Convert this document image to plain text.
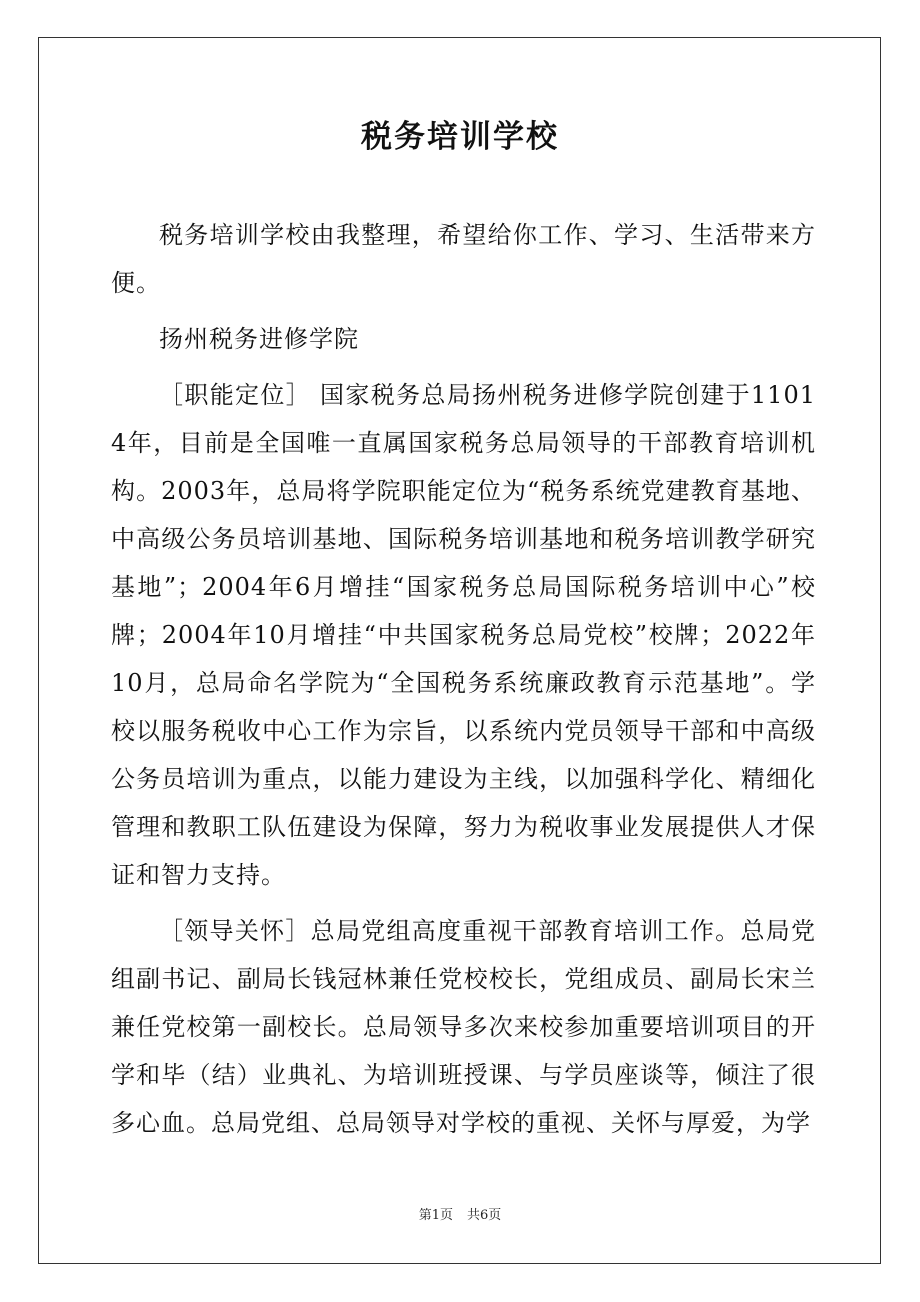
税务培训学校

税务培训学校由我整理，希望给你工作、学习、生活带来方便。

扬州税务进修学院

［职能定位］ 国家税务总局扬州税务进修学院创建于11014年，目前是全国唯一直属国家税务总局领导的干部教育培训机构。2003年，总局将学院职能定位为“税务系统党建教育基地、中高级公务员培训基地、国际税务培训基地和税务培训教学研究基地”；2004年6月增挂“国家税务总局国际税务培训中心”校牌；2004年10月增挂“中共国家税务总局党校”校牌；2022年10月，总局命名学院为“全国税务系统廉政教育示范基地”。学校以服务税收中心工作为宗旨，以系统内党员领导干部和中高级公务员培训为重点，以能力建设为主线，以加强科学化、精细化管理和教职工队伍建设为保障，努力为税收事业发展提供人才保证和智力支持。

［领导关怀］总局党组高度重视干部教育培训工作。总局党组副书记、副局长钱冠林兼任党校校长，党组成员、副局长宋兰兼任党校第一副校长。总局领导多次来校参加重要培训项目的开学和毕（结）业典礼、为培训班授课、与学员座谈等，倾注了很多心血。总局党组、总局领导对学校的重视、关怀与厚爱，为学

第1页 共6页
